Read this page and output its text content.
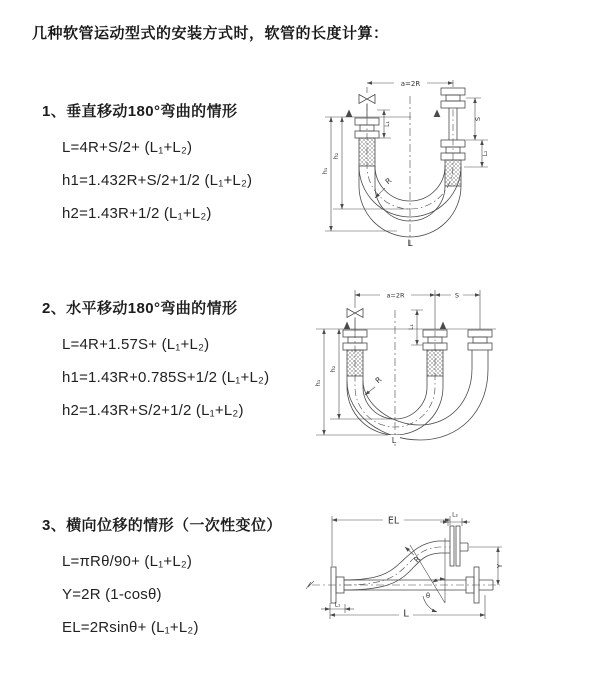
几种软管运动型式的安装方式时，软管的长度计算：
1、垂直移动180°弯曲的情形
L=4R+S/2+ (L₁+L₂)
h1=1.432R+S/2+1/2 (L₁+L₂)
h2=1.43R+1/2 (L₁+L₂)
2、水平移动180°弯曲的情形
L=4R+1.57S+ (L₁+L₂)
h1=1.43R+0.785S+1/2 (L₁+L₂)
h2=1.43R+S/2+1/2 (L₁+L₂)
3、横向位移的情形（一次性变位）
L=πRθ/90+ (L₁+L₂)
Y=2R (1-cosθ)
EL=2Rsinθ+ (L₁+L₂)
a=2R
L₁
S
L₂
h₂
h₁
R
L
a=2R	S
L₁
h₂
h₁	R
L
EL
L₂
Y
θ
R
L₁
L
